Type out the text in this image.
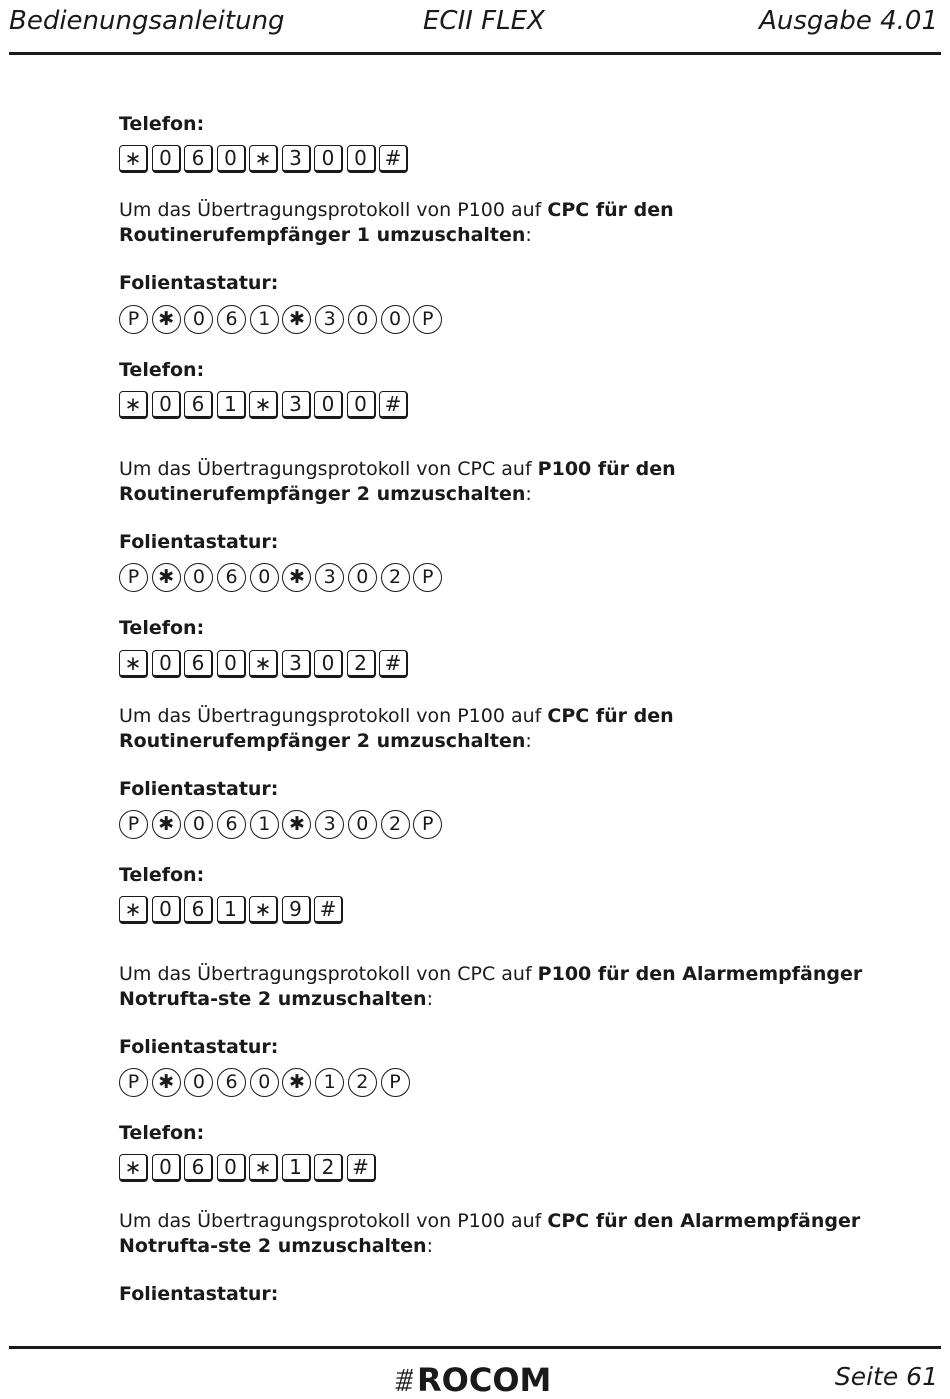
Bedienungsanleitung	ECII FLEX	Ausgabe 4.01
Telefon:
∗ 0 6 0 ∗ 3 0 0 #
Um das Übertragungsprotokoll von P100 auf CPC für den Routinerufempfänger 1 umzuschalten:
Folientastatur:
P ✱ 0	6	1 ✱ 3	0	0	P
Telefon:
∗ 0 6 1 ∗ 3 0 0 #
Um das Übertragungsprotokoll von CPC auf P100 für den Routinerufempfänger 2 umzuschalten:
Folientastatur:
P ✱ 0	6	0 ✱ 3	0	2	P
Telefon:
∗ 0 6 0 ∗ 3 0 2 #
Um das Übertragungsprotokoll von P100 auf CPC für den Routinerufempfänger 2 umzuschalten:
Folientastatur:
P ✱ 0	6	1 ✱ 3	0	2	P
Telefon:
∗ 0 6 1 ∗ 9 #
Um das Übertragungsprotokoll von CPC auf P100 für den Alarmempfänger Notrufta-ste 2 umzuschalten:
Folientastatur:
P ✱ 0	6	0 ✱ 1	2	P
Telefon:
∗ 0 6 0 ∗ 1 2 #
Um das Übertragungsprotokoll von P100 auf CPC für den Alarmempfänger Notrufta-ste 2 umzuschalten:
Folientastatur:
ROCOM	Seite 61
